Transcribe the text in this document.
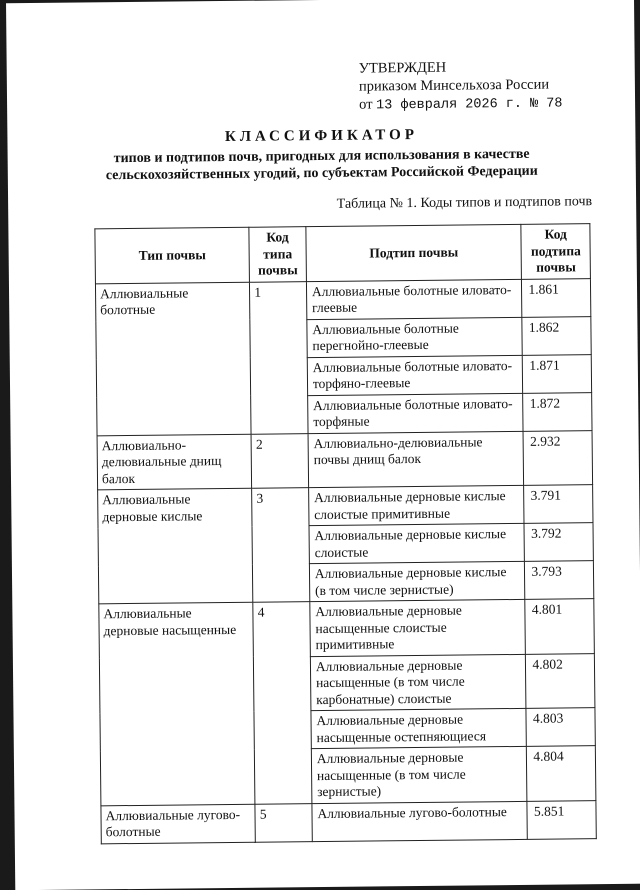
УТВЕРЖДЕН
приказом Минсельхоза России
от 13 февраля 2026 г. № 78
КЛАССИФИКАТОР
типов и подтипов почв, пригодных для использования в качестве
сельскохозяйственных угодий, по субъектам Российской Федерации
Таблица № 1. Коды типов и подтипов почв
Тип почвы	Код типа почвы	Подтип почвы	Код подтипа почвы
Аллювиальные болотные	1	Аллювиальные болотные иловато-глеевые	1.861
		Аллювиальные болотные перегнойно-глеевые	1.862
		Аллювиальные болотные иловато-торфяно-глеевые	1.871
		Аллювиальные болотные иловато-торфяные	1.872
Аллювиально-делювиальные днищ балок	2	Аллювиально-делювиальные почвы днищ балок	2.932
Аллювиальные дерновые кислые	3	Аллювиальные дерновые кислые слоистые примитивные	3.791
		Аллювиальные дерновые кислые слоистые	3.792
		Аллювиальные дерновые кислые (в том числе зернистые)	3.793
Аллювиальные дерновые насыщенные	4	Аллювиальные дерновые насыщенные слоистые примитивные	4.801
		Аллювиальные дерновые насыщенные (в том числе карбонатные) слоистые	4.802
		Аллювиальные дерновые насыщенные остепняющиеся	4.803
		Аллювиальные дерновые насыщенные (в том числе зернистые)	4.804
Аллювиальные лугово-болотные	5	Аллювиальные лугово-болотные	5.851
